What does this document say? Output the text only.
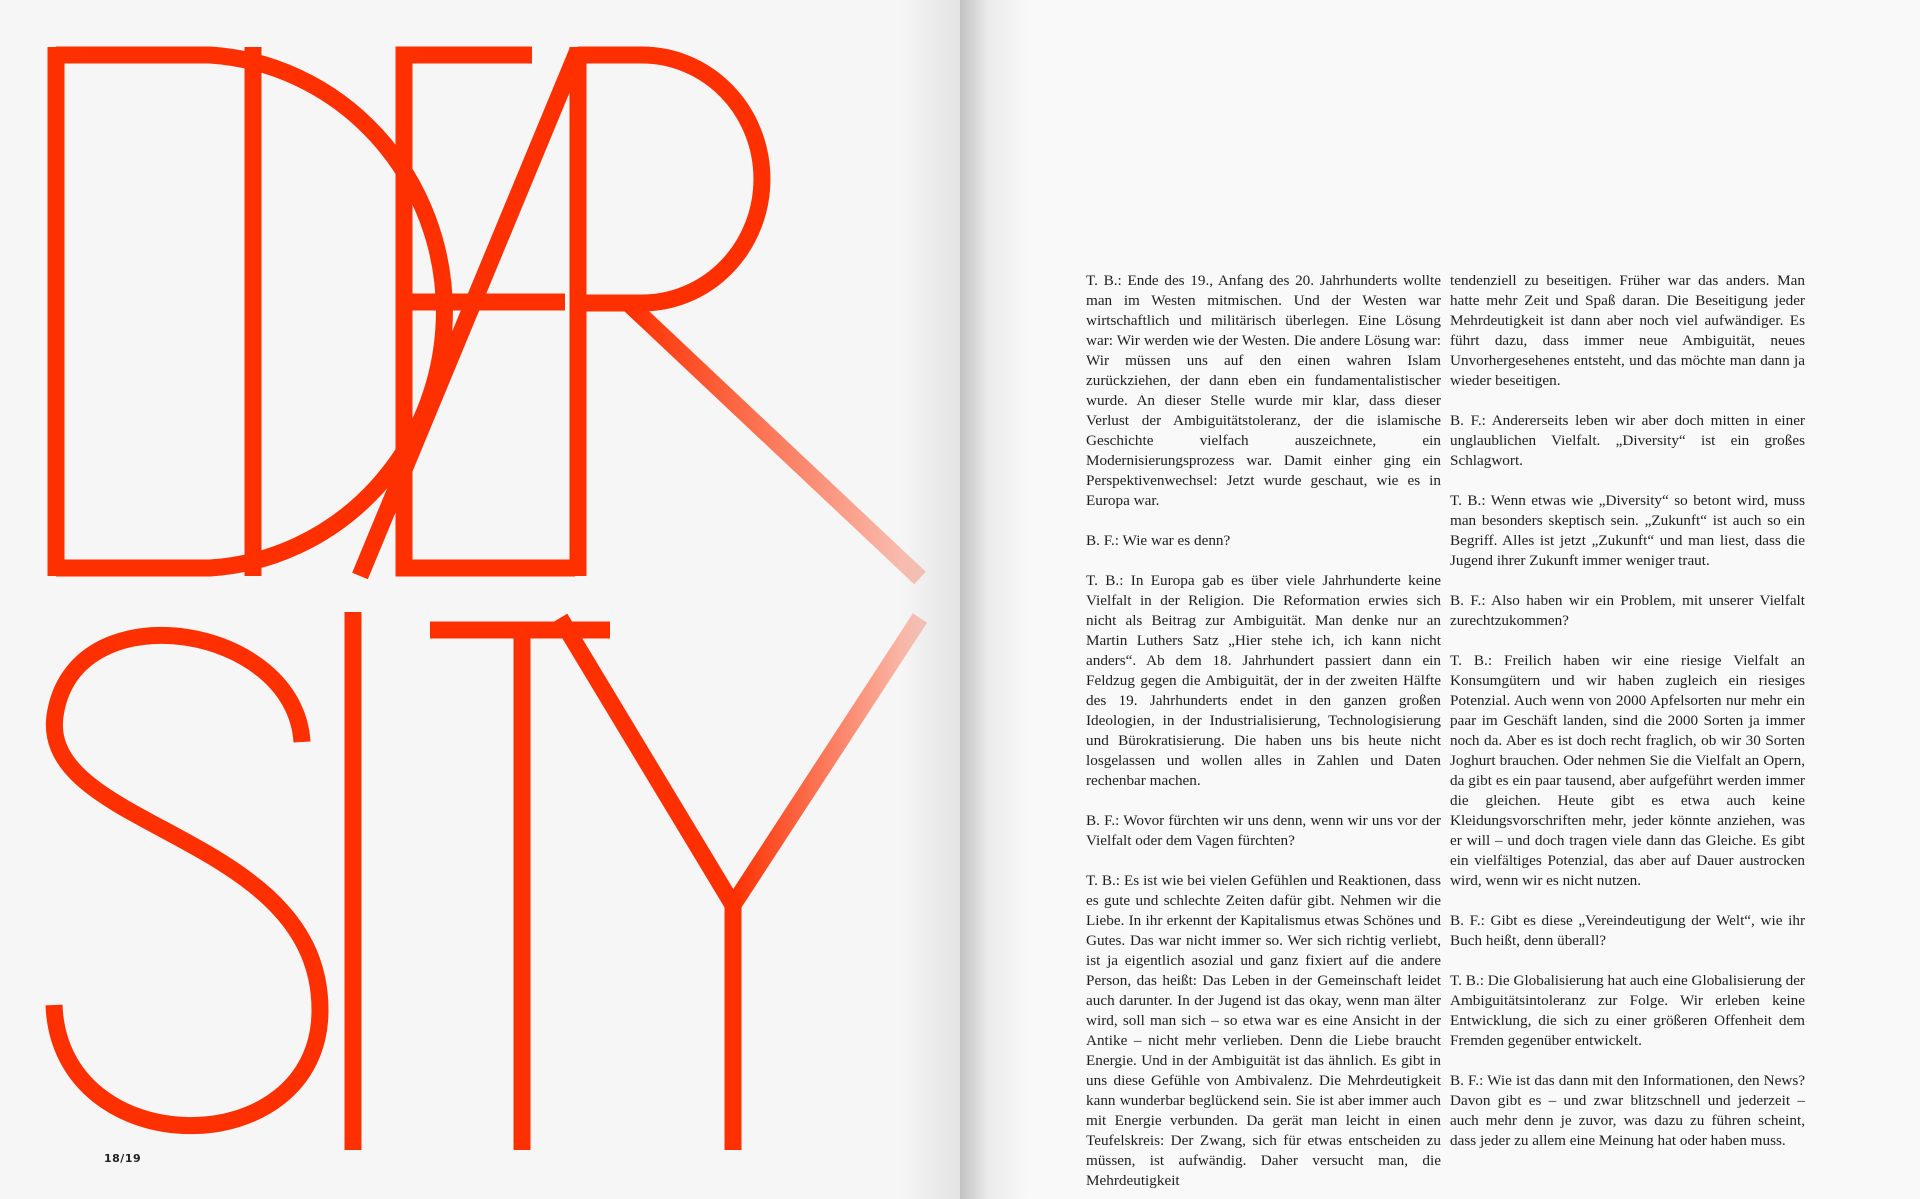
18/19

T. B.: Ende des 19., Anfang des 20. Jahrhunderts wollte man im Westen mitmischen. Und der Westen war wirtschaftlich und militärisch überlegen. Eine Lösung war: Wir werden wie der Westen. Die andere Lösung war: Wir müssen uns auf den einen wahren Islam zurückziehen, der dann eben ein fundamentalistischer wurde. An dieser Stelle wurde mir klar, dass dieser Verlust der Ambiguitätstoleranz, der die islamische Geschichte vielfach auszeichnete, ein Modernisierungsprozess war. Damit einher ging ein Perspektivenwechsel: Jetzt wurde geschaut, wie es in Europa war.

B. F.: Wie war es denn?

T. B.: In Europa gab es über viele Jahrhunderte keine Vielfalt in der Religion. Die Reformation erwies sich nicht als Beitrag zur Ambiguität. Man denke nur an Martin Luthers Satz „Hier stehe ich, ich kann nicht anders“. Ab dem 18. Jahrhundert passiert dann ein Feldzug gegen die Ambiguität, der in der zweiten Hälfte des 19. Jahrhunderts endet in den ganzen großen Ideologien, in der Industrialisierung, Technologisierung und Bürokratisierung. Die haben uns bis heute nicht losgelassen und wollen alles in Zahlen und Daten rechenbar machen.

B. F.: Wovor fürchten wir uns denn, wenn wir uns vor der Vielfalt oder dem Vagen fürchten?

T. B.: Es ist wie bei vielen Gefühlen und Reaktionen, dass es gute und schlechte Zeiten dafür gibt. Nehmen wir die Liebe. In ihr erkennt der Kapitalismus etwas Schönes und Gutes. Das war nicht immer so. Wer sich richtig verliebt, ist ja eigentlich asozial und ganz fixiert auf die andere Person, das heißt: Das Leben in der Gemeinschaft leidet auch darunter. In der Jugend ist das okay, wenn man älter wird, soll man sich – so etwa war es eine Ansicht in der Antike – nicht mehr verlieben. Denn die Liebe braucht Energie. Und in der Ambiguität ist das ähnlich. Es gibt in uns diese Gefühle von Ambivalenz. Die Mehrdeutigkeit kann wunderbar beglückend sein. Sie ist aber immer auch mit Energie verbunden. Da gerät man leicht in einen Teufelskreis: Der Zwang, sich für etwas entscheiden zu müssen, ist aufwändig. Daher versucht man, die Mehrdeutigkeit

tendenziell zu beseitigen. Früher war das anders. Man hatte mehr Zeit und Spaß daran. Die Beseitigung jeder Mehrdeutigkeit ist dann aber noch viel aufwändiger. Es führt dazu, dass immer neue Ambiguität, neues Unvorhergesehenes entsteht, und das möchte man dann ja wieder beseitigen.

B. F.: Andererseits leben wir aber doch mitten in einer unglaublichen Vielfalt. „Diversity“ ist ein großes Schlagwort.

T. B.: Wenn etwas wie „Diversity“ so betont wird, muss man besonders skeptisch sein. „Zukunft“ ist auch so ein Begriff. Alles ist jetzt „Zukunft“ und man liest, dass die Jugend ihrer Zukunft immer weniger traut.

B. F.: Also haben wir ein Problem, mit unserer Vielfalt zurechtzukommen?

T. B.: Freilich haben wir eine riesige Vielfalt an Konsumgütern und wir haben zugleich ein riesiges Potenzial. Auch wenn von 2000 Apfelsorten nur mehr ein paar im Geschäft landen, sind die 2000 Sorten ja immer noch da. Aber es ist doch recht fraglich, ob wir 30 Sorten Joghurt brauchen. Oder nehmen Sie die Vielfalt an Opern, da gibt es ein paar tausend, aber aufgeführt werden immer die gleichen. Heute gibt es etwa auch keine Kleidungsvorschriften mehr, jeder könnte anziehen, was er will – und doch tragen viele dann das Gleiche. Es gibt ein vielfältiges Potenzial, das aber auf Dauer austrocken wird, wenn wir es nicht nutzen.

B. F.: Gibt es diese „Vereindeutigung der Welt“, wie ihr Buch heißt, denn überall?

T. B.: Die Globalisierung hat auch eine Globalisierung der Ambiguitätsintoleranz zur Folge. Wir erleben keine Entwicklung, die sich zu einer größeren Offenheit dem Fremden gegenüber entwickelt.

B. F.: Wie ist das dann mit den Informationen, den News? Davon gibt es – und zwar blitzschnell und jederzeit – auch mehr denn je zuvor, was dazu zu führen scheint, dass jeder zu allem eine Meinung hat oder haben muss.
